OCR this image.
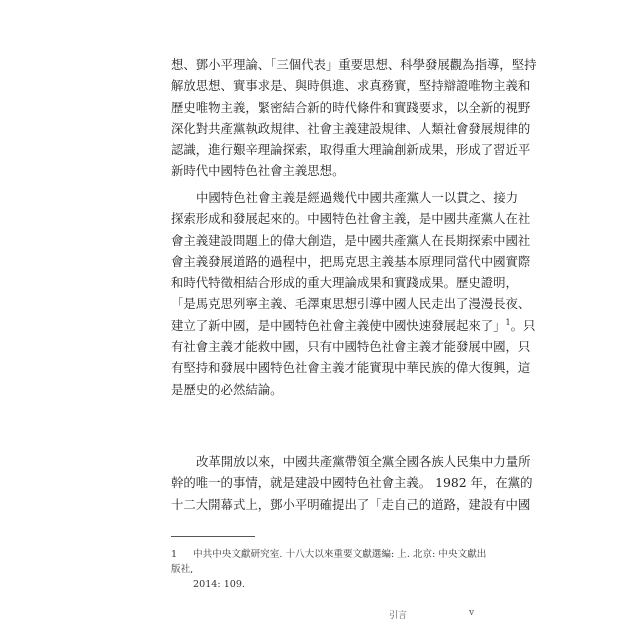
想、鄧小平理論、「三個代表」重要思想、科學發展觀為指導，堅持
解放思想、實事求是、與時俱進、求真務實，堅持辯證唯物主義和
歷史唯物主義，緊密結合新的時代條件和實踐要求，以全新的視野
深化對共產黨執政規律、社會主義建設規律、人類社會發展規律的
認識，進行艱辛理論探索，取得重大理論創新成果，形成了習近平
新時代中國特色社會主義思想。
中國特色社會主義是經過幾代中國共產黨人一以貫之、接力
探索形成和發展起來的。中國特色社會主義，是中國共產黨人在社
會主義建設問題上的偉大創造，是中國共產黨人在長期探索中國社
會主義發展道路的過程中，把馬克思主義基本原理同當代中國實際
和時代特徵相結合形成的重大理論成果和實踐成果。歷史證明，
「是馬克思列寧主義、毛澤東思想引導中國人民走出了漫漫長夜、
建立了新中國，是中國特色社會主義使中國快速發展起來了」$^1$。只
有社會主義才能救中國，只有中國特色社會主義才能發展中國，只
有堅持和發展中國特色社會主義才能實現中華民族的偉大復興，這
是歷史的必然結論。
改革開放以來，中國共產黨帶領全黨全國各族人民集中力量所
幹的唯一的事情，就是建設中國特色社會主義。 1982 年，在黨的
十二大開幕式上，鄧小平明確提出了「走自己的道路，建設有中國
1 中共中央文獻研究室. 十八大以來重要文獻選編: 上. 北京: 中央文獻出版社,
2014: 109.
引言	v
